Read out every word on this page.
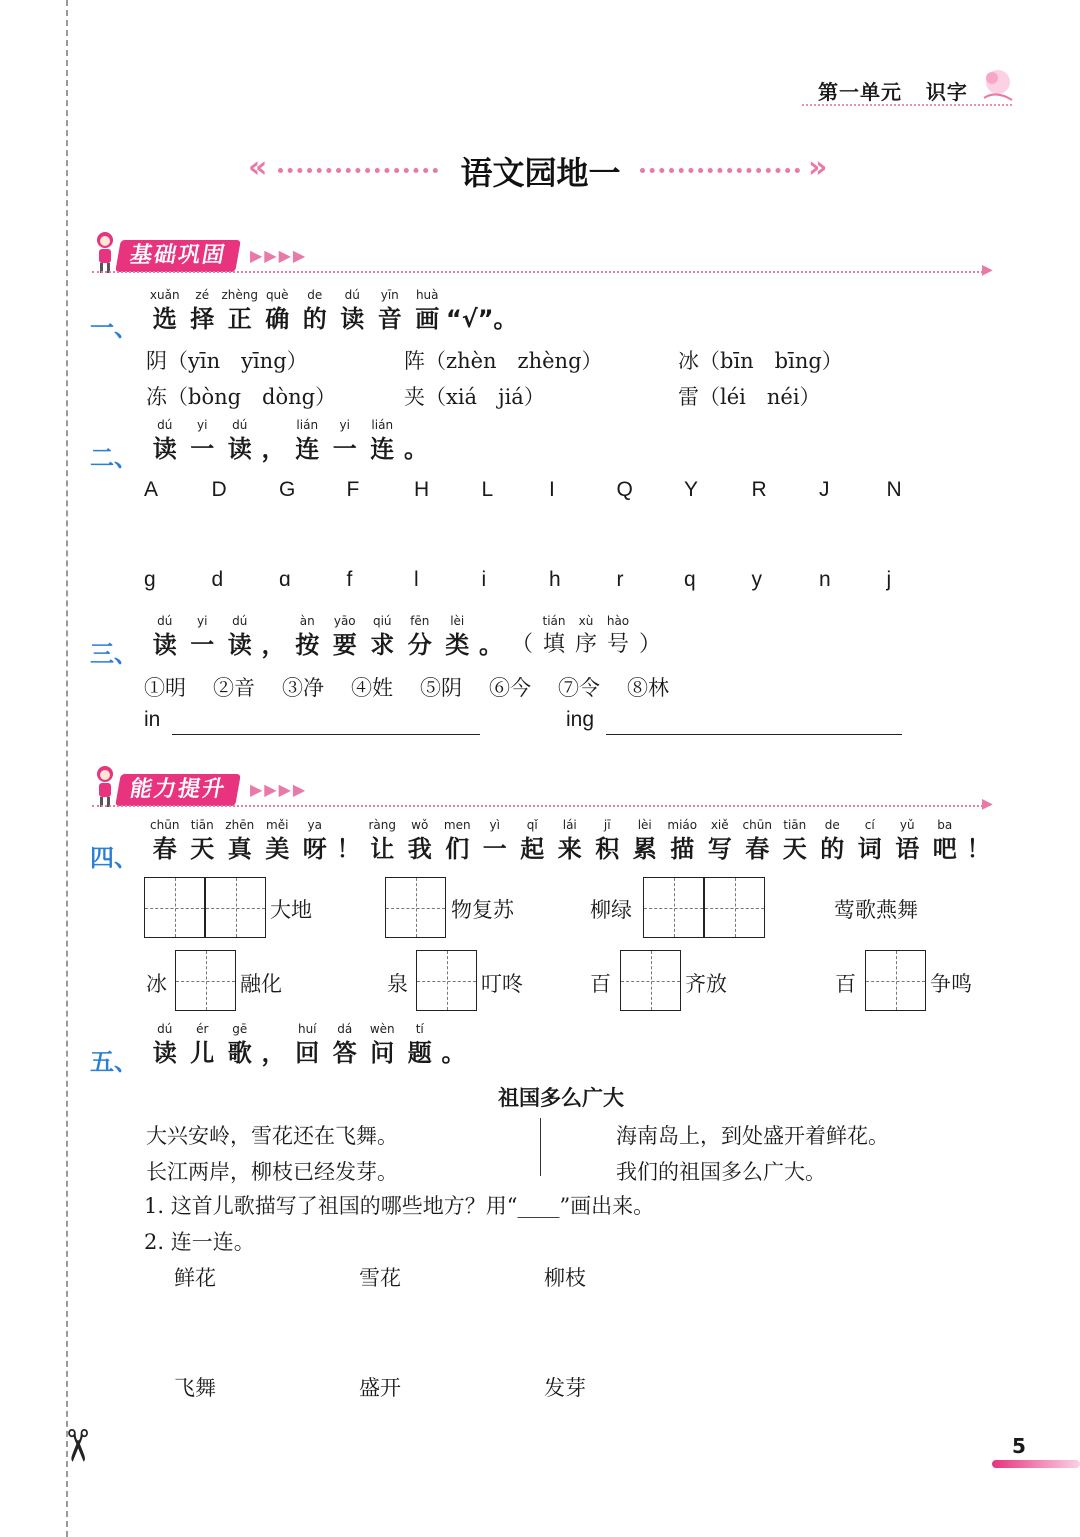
✂
第一单元 识字
«	语文园地一	»
基础巩固	▶▶▶▶
▶
一、
xuǎn
选
zé
择
zhèng
正
què
确
de
的
dú
读
yīn
音
huà
画 “√”。
阴（yīn　yīng）	阵（zhèn　zhèng）	冰（bīn　bīng）
冻（bòng　dòng）	夹（xiá　jiá）	雷（léi　néi）
二、
dú
读
yi
一
dú
读
，
lián
连
yi
一
lián
连
。
A	D G F	H L	I	Q Y	R J	N
g	d	ɑ	f	l	i	h	r	q	y	n	j
三、
dú
读
yi
一
dú
读
，
àn
按
yāo
要
qiú
求
fēn
分
lèi
类
。
（
tián
填
xù
序
hào
号
）
①明 ②音 ③净 ④姓 ⑤阴 ⑥今 ⑦令 ⑧林
in	ing
能力提升	▶▶▶▶
▶
四、
chūn
春
tiān
天
zhēn
真
měi
美
ya
呀
！
ràng
让
wǒ
我
men
们
yì
一
qǐ
起
lái
来
jī
积
lèi
累
miáo
描
xiě
写
chūn
春
tiān
天
de
的
cí
词
yǔ
语
ba
吧
！
大地	物复苏	柳绿	莺歌燕舞
冰	融化	泉	叮咚	百	齐放	百	争鸣
五、
dú
读
ér
儿
gē
歌
，
huí
回
dá
答
wèn
问
tí
题
。
祖国多么广大
大兴安岭，雪花还在飞舞。
长江两岸，柳枝已经发芽。
海南岛上，到处盛开着鲜花。
我们的祖国多么广大。
1. 这首儿歌描写了祖国的哪些地方？用“____”画出来。
2. 连一连。
鲜花	雪花	柳枝
飞舞	盛开	发芽
5
